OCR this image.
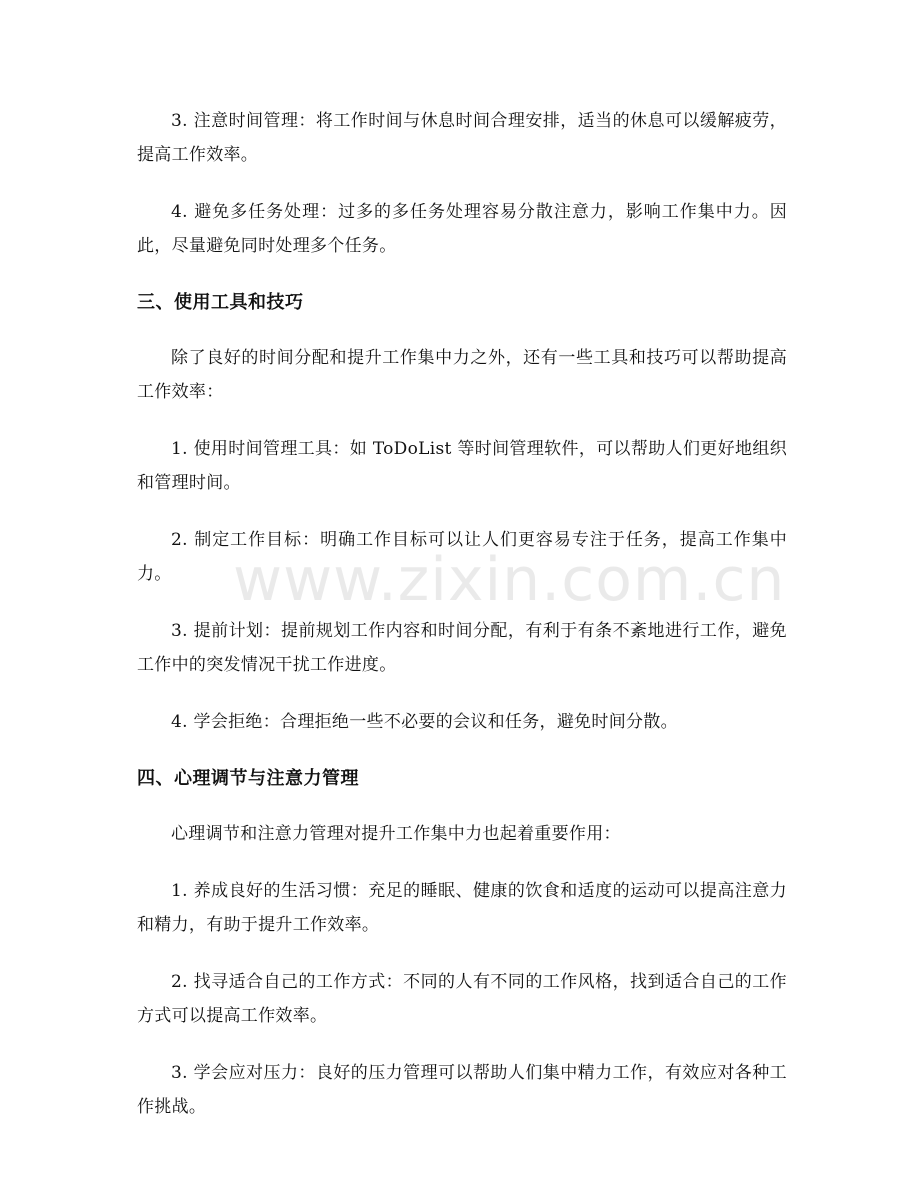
3. 注意时间管理：将工作时间与休息时间合理安排，适当的休息可以缓解疲劳，提高工作效率。

4. 避免多任务处理：过多的多任务处理容易分散注意力，影响工作集中力。因此，尽量避免同时处理多个任务。

三、使用工具和技巧

除了良好的时间分配和提升工作集中力之外，还有一些工具和技巧可以帮助提高工作效率：

1. 使用时间管理工具：如 ToDoList 等时间管理软件，可以帮助人们更好地组织和管理时间。

2. 制定工作目标：明确工作目标可以让人们更容易专注于任务，提高工作集中力。

3. 提前计划：提前规划工作内容和时间分配，有利于有条不紊地进行工作，避免工作中的突发情况干扰工作进度。

4. 学会拒绝：合理拒绝一些不必要的会议和任务，避免时间分散。

四、心理调节与注意力管理

心理调节和注意力管理对提升工作集中力也起着重要作用：

1. 养成良好的生活习惯：充足的睡眠、健康的饮食和适度的运动可以提高注意力和精力，有助于提升工作效率。

2. 找寻适合自己的工作方式：不同的人有不同的工作风格，找到适合自己的工作方式可以提高工作效率。

3. 学会应对压力：良好的压力管理可以帮助人们集中精力工作，有效应对各种工作挑战。

www.zixin.com.cn
